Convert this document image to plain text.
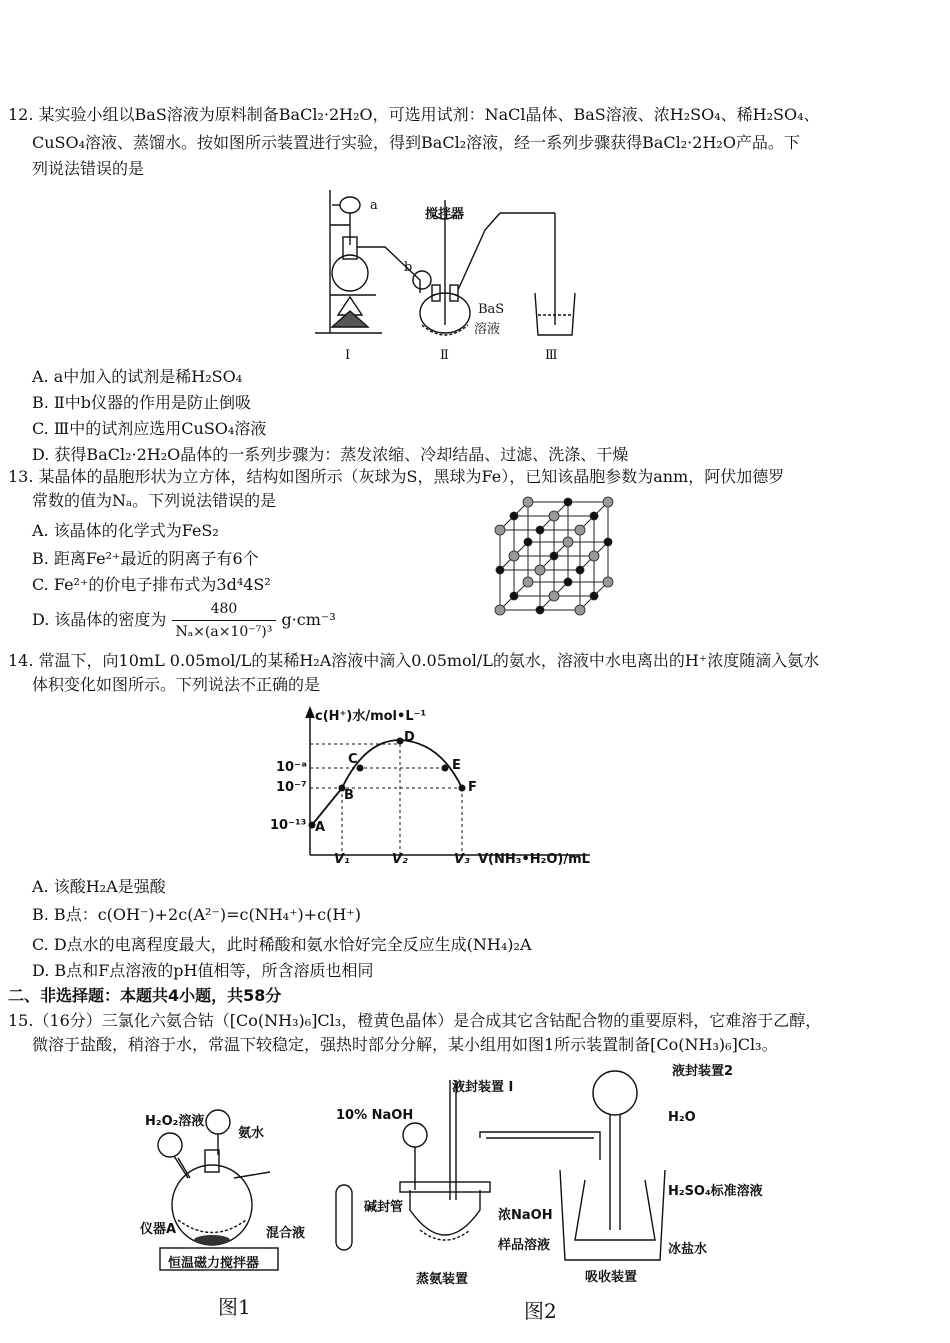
12. 某实验小组以BaS溶液为原料制备BaCl₂·2H₂O，可选用试剂：NaCl晶体、BaS溶液、浓H₂SO₄、稀H₂SO₄、
CuSO₄溶液、蒸馏水。按如图所示装置进行实验，得到BaCl₂溶液，经一系列步骤获得BaCl₂·2H₂O产品。下
列说法错误的是
a
b
搅拌器
BaS
溶液
I	Ⅱ	Ⅲ
A. a中加入的试剂是稀H₂SO₄
B. Ⅱ中b仪器的作用是防止倒吸
C. Ⅲ中的试剂应选用CuSO₄溶液
D. 获得BaCl₂·2H₂O晶体的一系列步骤为：蒸发浓缩、冷却结晶、过滤、洗涤、干燥
13. 某晶体的晶胞形状为立方体，结构如图所示（灰球为S，黑球为Fe），已知该晶胞参数为anm，阿伏加德罗
常数的值为Nₐ。下列说法错误的是
A. 该晶体的化学式为FeS₂
B. 距离Fe²⁺最近的阴离子有6个
C. Fe²⁺的价电子排布式为3d⁴4S²
D. 该晶体的密度为 $\frac{480}{\text{Nₐ×(a×10⁻⁷)³}} g\cdot cm^{-3}$
14. 常温下，向10mL 0.05mol/L的某稀H₂A溶液中滴入0.05mol/L的氨水，溶液中水电离出的H⁺浓度随滴入氨水
体积变化如图所示。下列说法不正确的是
c(H⁺)水/mol•L⁻¹
10⁻ᵃ
10⁻⁷
10⁻¹³ A
B
C
D
E
F
V₁	V₂	V₃ V(NH₃•H₂O)/mL
A. 该酸H₂A是强酸
B. B点：c(OH⁻)+2c(A²⁻)=c(NH₄⁺)+c(H⁺)
C. D点水的电离程度最大，此时稀酸和氨水恰好完全反应生成(NH₄)₂A
D. B点和F点溶液的pH值相等，所含溶质也相同
二、非选择题：本题共4小题，共58分
15.（16分）三氯化六氨合钴（[Co(NH₃)₆]Cl₃，橙黄色晶体）是合成其它含钴配合物的重要原料，它难溶于乙醇，
微溶于盐酸，稍溶于水，常温下较稳定，强热时部分分解，某小组用如图1所示装置制备[Co(NH₃)₆]Cl₃。
H₂O₂溶液
氨水
仪器A	混合液
恒温磁力搅拌器
图1
10% NaOH
液封装置 I
液封装置2
H₂O
碱封管
浓NaOH
样品溶液
H₂SO₄标准溶液
冰盐水
蒸氨装置	吸收装置
图2
